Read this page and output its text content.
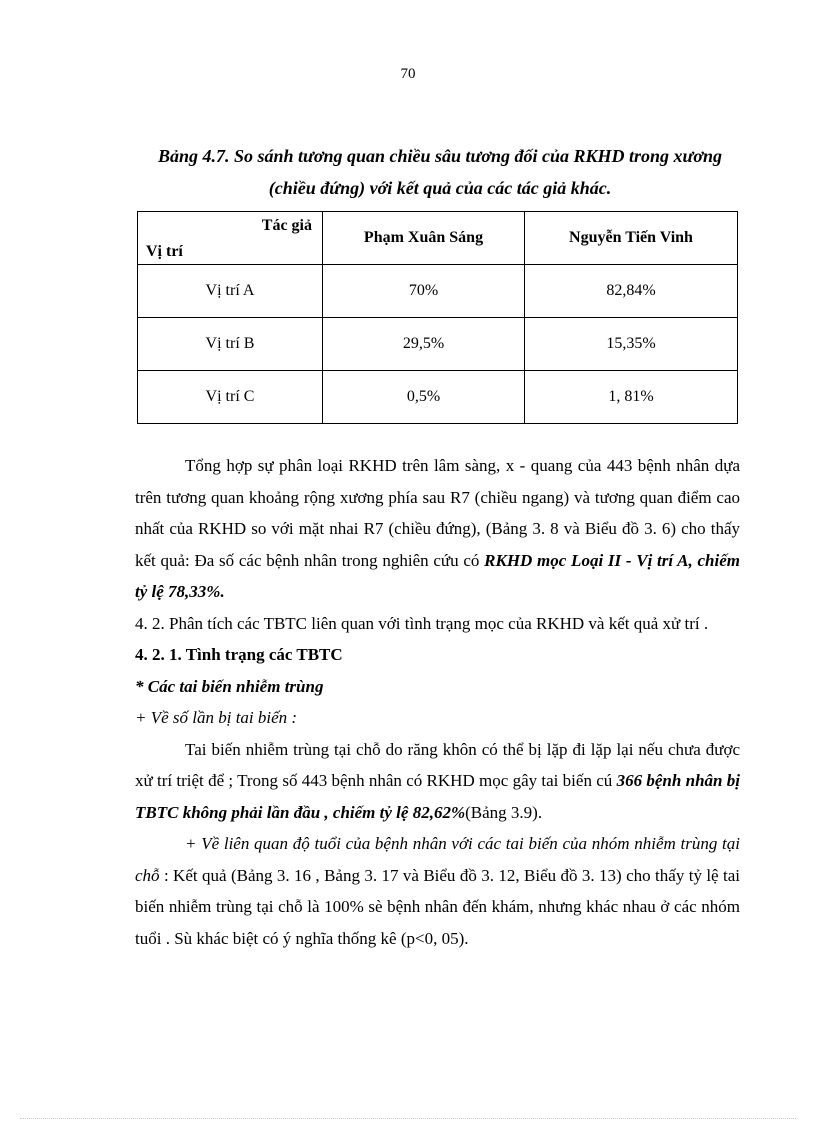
70
Bảng 4.7. So sánh tương quan chiều sâu tương đối của RKHD trong xương
(chiều đứng) với kết quả của các tác giả khác.
Tác giả
Vị trí	Phạm Xuân Sáng	Nguyễn Tiến Vinh
Vị trí A	70%	82,84%
Vị trí B	29,5%	15,35%
Vị trí C	0,5%	1, 81%

Tổng hợp sự phân loại RKHD trên lâm sàng, x - quang của 443 bệnh nhân dựa trên tương quan khoảng rộng xương phía sau R7 (chiều ngang) và tương quan điểm cao nhất của RKHD so với mặt nhai R7 (chiều đứng), (Bảng 3. 8 và Biểu đồ 3. 6) cho thấy kết quả: Đa số các bệnh nhân trong nghiên cứu có RKHD mọc Loại II - Vị trí A, chiếm tỷ lệ 78,33%.

4. 2. Phân tích các TBTC liên quan với tình trạng mọc của RKHD và kết quả xử trí .

4. 2. 1. Tình trạng các TBTC

* Các tai biến nhiễm trùng

+ Về số lần bị tai biến :

Tai biến nhiễm trùng tại chỗ do răng khôn có thể bị lặp đi lặp lại nếu chưa được xử trí triệt để ; Trong số 443 bệnh nhân có RKHD mọc gây tai biến cú 366 bệnh nhân bị TBTC không phải lần đầu , chiếm tỷ lệ 82,62%(Bảng 3.9).

+ Về liên quan độ tuổi của bệnh nhân với các tai biến của nhóm nhiễm trùng tại chỗ : Kết quả (Bảng 3. 16 , Bảng 3. 17 và Biểu đồ 3. 12, Biểu đồ 3. 13) cho thấy tỷ lệ tai biến nhiễm trùng tại chỗ là 100% sè bệnh nhân đến khám, nhưng khác nhau ở các nhóm tuổi . Sù khác biệt có ý nghĩa thống kê (p<0, 05).
